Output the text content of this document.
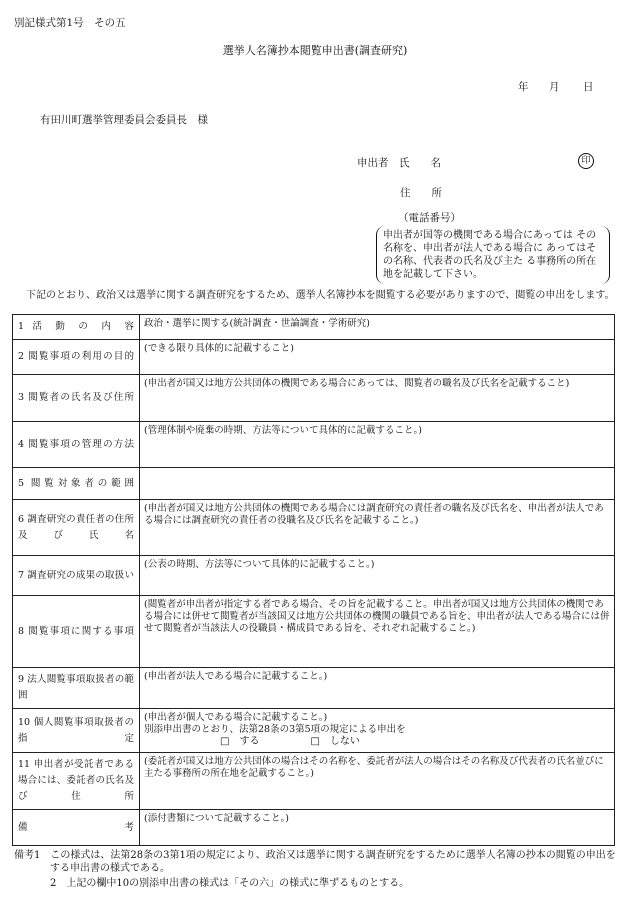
別記様式第1号　その五
選挙人名簿抄本閲覧申出書(調査研究)
年 月 日
有田川町選挙管理委員会委員長　様
申出者　氏　　名	印
住　　所
（電話番号）
申出者が国等の機関である場合にあっては その名称を、申出者が法人である場合に あってはその名称、代表者の氏名及び主た る事務所の所在地を記載して下さい。
下記のとおり、政治又は選挙に関する調査研究をするため、選挙人名簿抄本を閲覧する必要がありますので、閲覧の申出をします。
1 活 動 の 内 容	政治・選挙に関する(統計調査・世論調査・学術研究)
2 閲覧事項の利用の目的	(できる限り具体的に記載すること)
3 閲覧者の氏名及び住所	(申出者が国又は地方公共団体の機関である場合にあっては、閲覧者の職名及び氏名を記載すること)
4 閲覧事項の管理の方法	(管理体制や廃棄の時期、方法等について具体的に記載すること。)
5 閲覧対象者の範囲	
6 調査研究の責任者の住所及び氏名	(申出者が国又は地方公共団体の機関である場合には調査研究の責任者の職名及び氏名を、申出者が法人である場合には調査研究の責任者の役職名及び氏名を記載すること。)
7 調査研究の成果の取扱い	(公表の時期、方法等について具体的に記載すること。)
8 閲覧事項に関する事項	(閲覧者が申出者が指定する者である場合、その旨を記載すること。申出者が国又は地方公共団体の機関である場合には併せて閲覧者が当該国又は地方公共団体の機関の職員である旨を、申出者が法人である場合には併せて閲覧者が当該法人の役職員・構成員である旨を、それぞれ記載すること。)
9 法人閲覧事項取扱者の範囲	(申出者が法人である場合に記載すること。)
10 個人閲覧事項取扱者の指定	(申出者が個人である場合に記載すること。)
別添申出書のとおり、法第28条の3第5項の規定による申出を
□　する □　しない

11 申出者が受託者である場合には、委託者の氏名及び住所	(委託者が国又は地方公共団体の場合はその名称を、委託者が法人の場合はその名称及び代表者の氏名並びに主たる事務所の所在地を記載すること。)
備　　　　　考	(添付書類について記載すること。)
備考1　この様式は、法第28条の3第1項の規定により、政治又は選挙に関する調査研究をするために選挙人名簿の抄本の閲覧の申出をする申出書の様式である。
2　上記の欄中10の別添申出書の様式は「その六」の様式に準ずるものとする。
